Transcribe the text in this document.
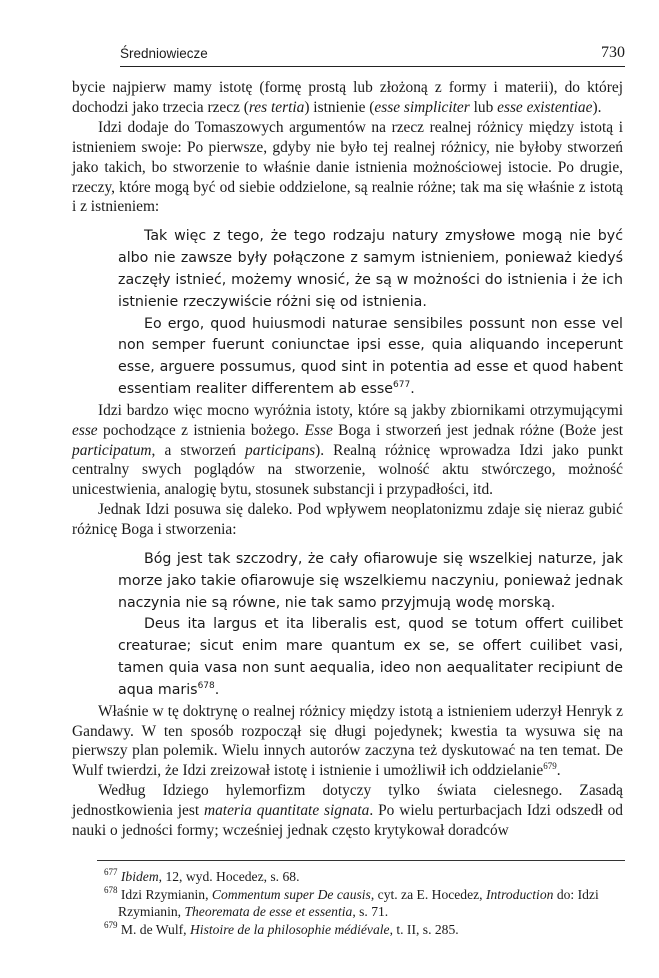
Średniowiecze	730

bycie najpierw mamy istotę (formę prostą lub złożoną z formy i materii), do której dochodzi jako trzecia rzecz (res tertia) istnienie (esse simpliciter lub esse existentiae).

Idzi dodaje do Tomaszowych argumentów na rzecz realnej różnicy między istotą i istnieniem swoje: Po pierwsze, gdyby nie było tej realnej różnicy, nie byłoby stworzeń jako takich, bo stworzenie to właśnie danie istnienia możnościowej istocie. Po drugie, rzeczy, które mogą być od siebie oddzielone, są realnie różne; tak ma się właśnie z istotą i z istnieniem:

Tak więc z tego, że tego rodzaju natury zmysłowe mogą nie być albo nie zawsze były połączone z samym istnieniem, ponieważ kiedyś zaczęły istnieć, możemy wnosić, że są w możności do istnienia i że ich istnienie rzeczywiście różni się od istnienia.

Eo ergo, quod huiusmodi naturae sensibiles possunt non esse vel non semper fuerunt coniunctae ipsi esse, quia aliquando inceperunt esse, arguere possumus, quod sint in potentia ad esse et quod habent essentiam realiter differentem ab esse$^{677}$.

Idzi bardzo więc mocno wyróżnia istoty, które są jakby zbiornikami otrzymującymi esse pochodzące z istnienia bożego. Esse Boga i stworzeń jest jednak różne (Boże jest participatum, a stworzeń participans). Realną różnicę wprowadza Idzi jako punkt centralny swych poglądów na stworzenie, wolność aktu stwórczego, możność unicestwienia, analogię bytu, stosunek substancji i przypadłości, itd.

Jednak Idzi posuwa się daleko. Pod wpływem neoplatonizmu zdaje się nieraz gubić różnicę Boga i stworzenia:

Bóg jest tak szczodry, że cały ofiarowuje się wszelkiej naturze, jak morze jako takie ofiarowuje się wszelkiemu naczyniu, ponieważ jednak naczynia nie są równe, nie tak samo przyjmują wodę morską.

Deus ita largus et ita liberalis est, quod se totum offert cuilibet creaturae; sicut enim mare quantum ex se, se offert cuilibet vasi, tamen quia vasa non sunt aequalia, ideo non aequalitater recipiunt de aqua maris$^{678}$.

Właśnie w tę doktrynę o realnej różnicy między istotą a istnieniem uderzył Henryk z Gandawy. W ten sposób rozpoczął się długi pojedynek; kwestia ta wysuwa się na pierwszy plan polemik. Wielu innych autorów zaczyna też dyskutować na ten temat. De Wulf twierdzi, że Idzi zreizował istotę i istnienie i umożliwił ich oddzielanie$^{679}$.

Według Idziego hylemorfizm dotyczy tylko świata cielesnego. Zasadą jednostkowienia jest materia quantitate signata. Po wielu perturbacjach Idzi odszedł od nauki o jedności formy; wcześniej jednak często krytykował doradców

$^{677}$ Ibidem, 12, wyd. Hocedez, s. 68.

$^{678}$ Idzi Rzymianin, Commentum super De causis, cyt. za E. Hocedez, Introduction do: Idzi Rzymianin, Theoremata de esse et essentia, s. 71.

$^{679}$ M. de Wulf, Histoire de la philosophie médiévale, t. II, s. 285.
